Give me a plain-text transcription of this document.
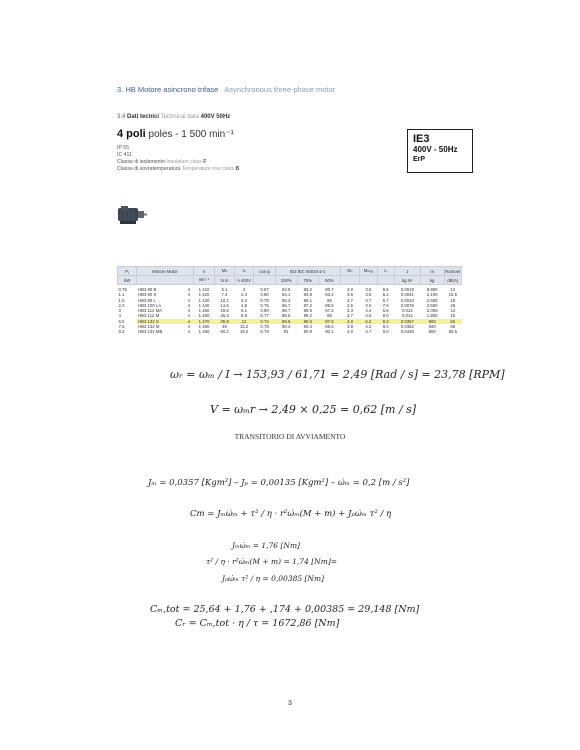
3. HB Motore asincrono trifase Asynchronous three-phase motor
3.4 Dati tecnici Technical data 400V 50Hz
4 poli poles - 1 500 min⁻¹
IP 55
IC 411
Classe di isolamento Insulation class F
Classe di sovratemperatura Temperature rise class B
IE3
400V - 50Hz
ErP
P₁	Motore Motor		n	Mₙ	Iₙ	cos φ	IE3 IEC 60034-2-1			Mₛ	Mₘₐₓ	Iₛ	J	m	Rumore
kW			min⁻¹	N m	A 400V		100%	75%	50%				kg m²	kg	dB(A)
0.75	HB3 80 B	4	1 410	5.1	2	0.67	82.5	82.2	80.7	3.0	3.5	5.5	0.0019	8.800	12
1.1	HB3 90 S	4	1 420	7.4	2.4	0.80	84.1	84.8	83.4	3.5	3.5	6.4	0.0041	2.100	16.5
1.5	HB3 90 L	4	1 420	10.1	3.3	0.79	85.3	86.1	85	3.7	3.7	6.7	0.0043	2.500	18
2.2	HB3 100 LA	4	1 440	14.6	4.8	0.75	86.7	87.2	85.5	3.5	3.5	7.6	0.0076	3.500	26
3	HB3 112 MA	4	1 450	19.8	6.1	0.80	88.7	89.6	87.3	3.3	4.4	6.8	0.013	2.000	13
4	HB3 112 M	4	1 450	26.3	8.5	0.77	88.6	89.2	88	3.7	4.6	8.0	0.014	1.800	16
5.5	HB3 132 S	4	1 470	35.8	12	0.74	89.6	89.5	87.6	4.0	5.0	9.3	0.0357	900	56
7.5	HB3 132 M	4	1 460	49	15.2	0.78	90.4	90.4	89.6	3.8	4.2	8.4	0.0462	920	68
9.2	HB3 132 MB	4	1 460	60.2	19.2	0.79	91	90.9	90.1	4.0	4.7	9.0	0.0448	800	68.5
ωᵣ = ωₘ / I → 153,93 / 61,71 = 2,49 [Rad / s] = 23,78 [RPM]
V = ωₘr → 2,49 × 0,25 = 0,62 [m / s]
TRANSITORIO DI AVVIAMENTO
Jₘ = 0,0357 [Kgm²] – Jₚ = 0,00135 [Kgm²] – ω̇ₘ = 0,2 [m / s²]
Cm = Jₘω̇ₘ + τ² / η · r²ω̇ₘ(M + m) + Jₚω̇ₘ τ² / η
Jₘω̇ₘ = 1,76 [Nm]
τ² / η · r²ω̇ₘ(M + m) = 1,74 [Nm]=
Jₚω̇ₘ τ² / η = 0,00385 [Nm]
Cₘ,tot = 25,64 + 1,76 + ,174 + 0,00385 = 29,148 [Nm]
Cᵣ = Cₘ,tot · η / τ = 1672,86 [Nm]
3
